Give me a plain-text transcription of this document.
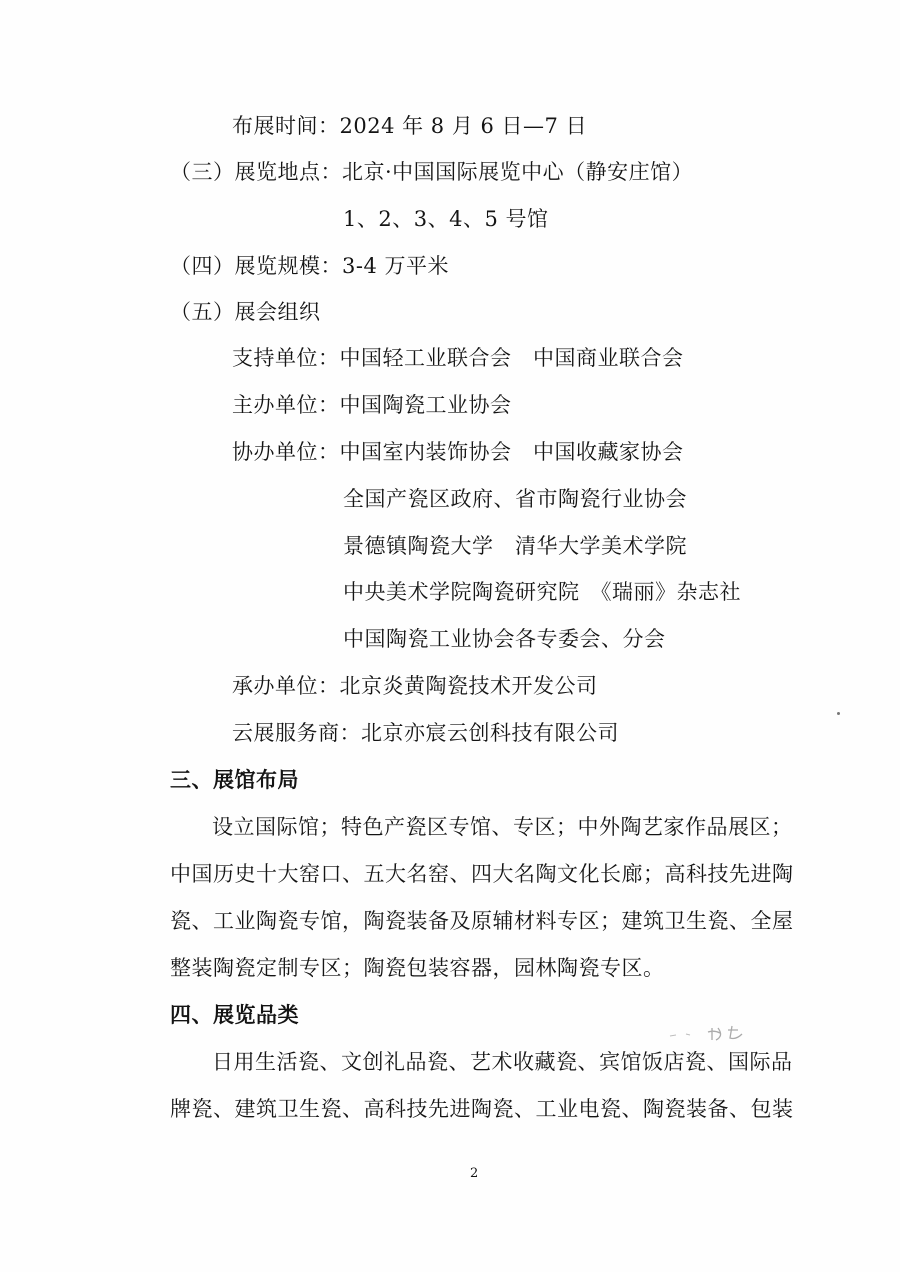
布展时间：2024 年 8 月 6 日—7 日
（三）展览地点：北京·中国国际展览中心（静安庄馆）
1、2、3、4、5 号馆
（四）展览规模：3-4 万平米
（五）展会组织
支持单位：中国轻工业联合会　中国商业联合会
主办单位：中国陶瓷工业协会
协办单位：中国室内装饰协会　中国收藏家协会
全国产瓷区政府、省市陶瓷行业协会
景德镇陶瓷大学　清华大学美术学院
中央美术学院陶瓷研究院　《瑞丽》杂志社
中国陶瓷工业协会各专委会、分会
承办单位：北京炎黄陶瓷技术开发公司
云展服务商：北京亦宸云创科技有限公司
三、展馆布局
设立国际馆；特色产瓷区专馆、专区；中外陶艺家作品展区；
中国历史十大窑口、五大名窑、四大名陶文化长廊；高科技先进陶
瓷、工业陶瓷专馆，陶瓷装备及原辅材料专区；建筑卫生瓷、全屋
整装陶瓷定制专区；陶瓷包装容器，园林陶瓷专区。
四、展览品类
日用生活瓷、文创礼品瓷、艺术收藏瓷、宾馆饭店瓷、国际品
牌瓷、建筑卫生瓷、高科技先进陶瓷、工业电瓷、陶瓷装备、包装
2
